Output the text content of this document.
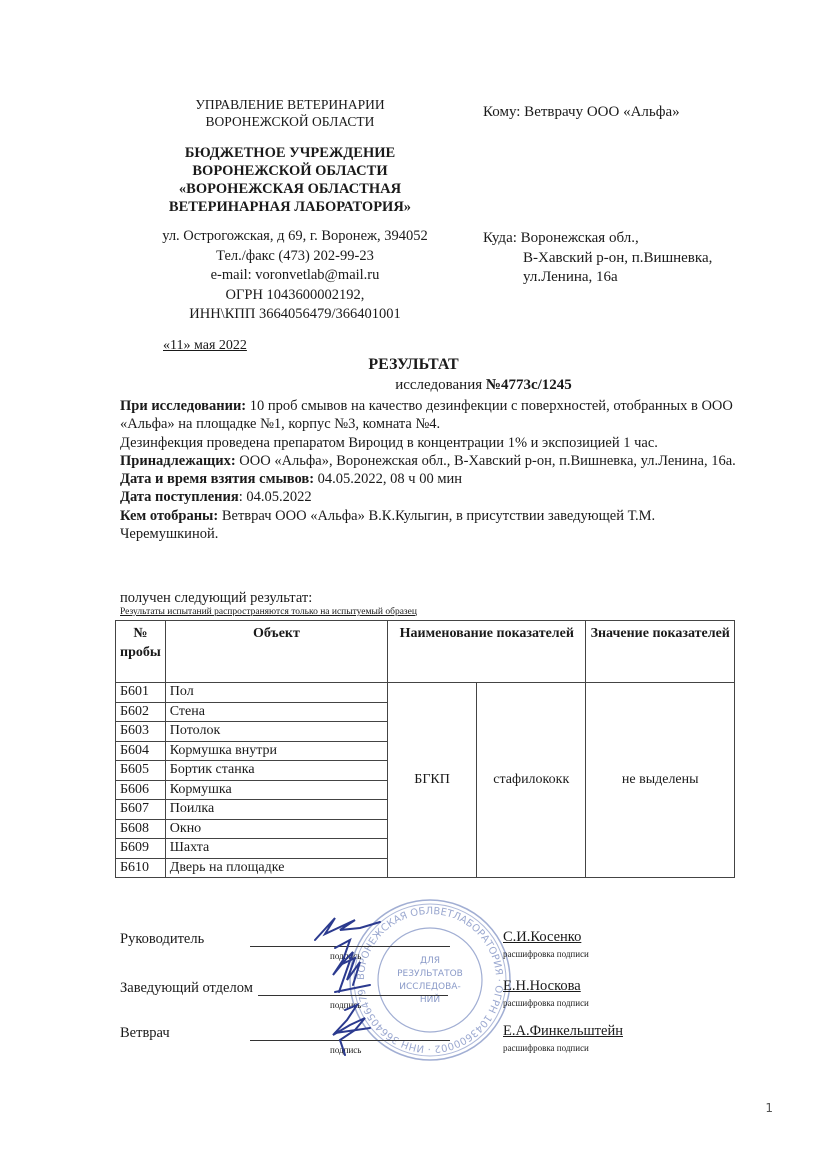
УПРАВЛЕНИЕ ВЕТЕРИНАРИИ
ВОРОНЕЖСКОЙ ОБЛАСТИ
БЮДЖЕТНОЕ УЧРЕЖДЕНИЕ
ВОРОНЕЖСКОЙ ОБЛАСТИ
«ВОРОНЕЖСКАЯ ОБЛАСТНАЯ
ВЕТЕРИНАРНАЯ ЛАБОРАТОРИЯ»
ул. Острогожская, д 69, г. Воронеж, 394052
Тел./факс (473) 202-99-23
e-mail: voronvetlab@mail.ru
ОГРН 1043600002192,
ИНН\КПП 3664056479/366401001
«11» мая 2022
Кому: Ветврачу ООО «Альфа»
Куда: Воронежская обл.,
В-Хавский р-он, п.Вишневка,
ул.Ленина, 16а
РЕЗУЛЬТАТ
исследования №4773с/1245
При исследовании: 10 проб смывов на качество дезинфекции с поверхностей, отобранных в ООО «Альфа» на площадке №1, корпус №3, комната №4.
Дезинфекция проведена препаратом Вироцид в концентрации 1% и экспозицией 1 час.
Принадлежащих: ООО «Альфа», Воронежская обл., В-Хавский р-он, п.Вишневка, ул.Ленина, 16а.
Дата и время взятия смывов: 04.05.2022, 08 ч 00 мин
Дата поступления: 04.05.2022
Кем отобраны: Ветврач ООО «Альфа» В.К.Кулыгин, в присутствии заведующей Т.М. Черемушкиной.
получен следующий результат:
Результаты испытаний распространяются только на испытуемый образец
№ пробы	Объект	Наименование показателей		Значение показателей
Б601	Пол	БГКП	стафилококк	не выделены
Б602	Стена			
Б603	Потолок			
Б604	Кормушка внутри			
Б605	Бортик станка			
Б606	Кормушка			
Б607	Поилка			
Б608	Окно			
Б609	Шахта			
Б610	Дверь на площадке			
ВОРОНЕЖСКАЯ ОБЛВЕТЛАБОРАТОРИЯ · ОГРН 1043600002 · ИНН 3664056479
ДЛЯ
РЕЗУЛЬТАТОВ
ИССЛЕДОВА-
НИЙ
Руководитель
подпись
С.И.Косенко
расшифровка подписи
Заведующий отделом
подпись
Е.Н.Носкова
расшифровка подписи
Ветврач
подпись
Е.А.Финкельштейн
расшифровка подписи
1
